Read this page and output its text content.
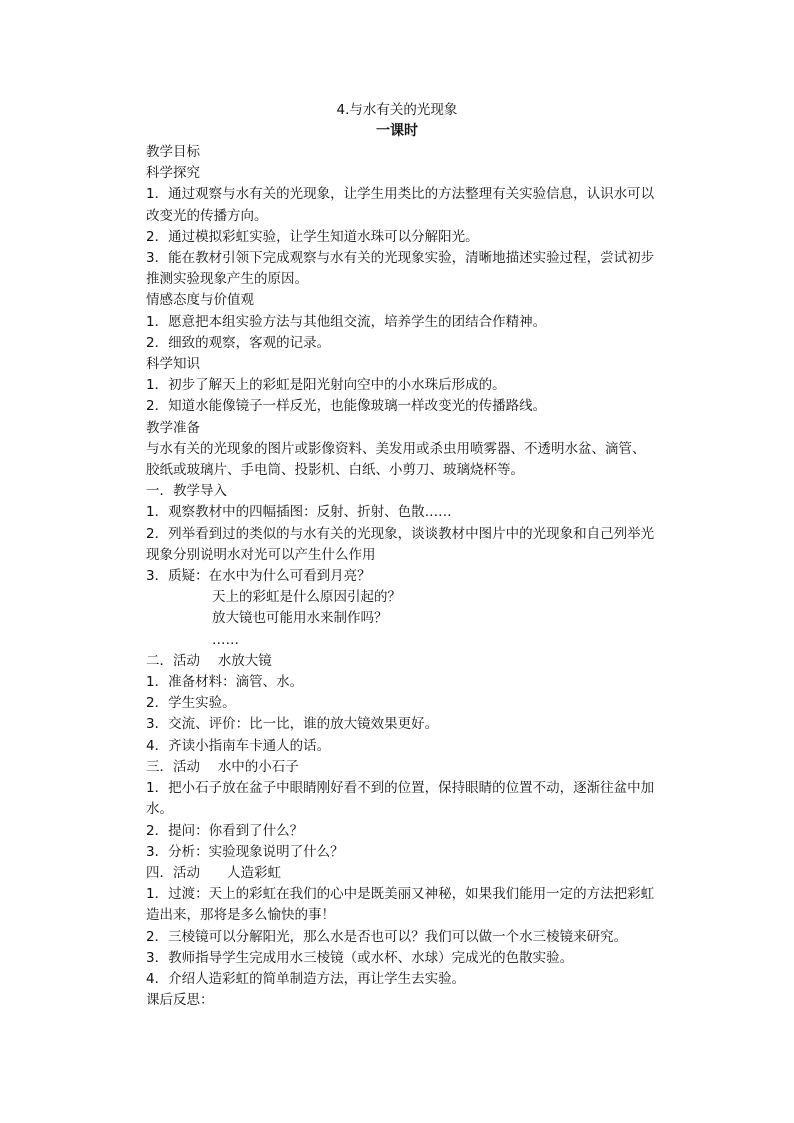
4.与水有关的光现象
一课时

教学目标

科学探究

1．通过观察与水有关的光现象，让学生用类比的方法整理有关实验信息，认识水可以

改变光的传播方向。

2．通过模拟彩虹实验，让学生知道水珠可以分解阳光。

3．能在教材引领下完成观察与水有关的光现象实验，清晰地描述实验过程，尝试初步

推测实验现象产生的原因。

情感态度与价值观

1．愿意把本组实验方法与其他组交流，培养学生的团结合作精神。

2．细致的观察，客观的记录。

科学知识

1．初步了解天上的彩虹是阳光射向空中的小水珠后形成的。

2．知道水能像镜子一样反光，也能像玻璃一样改变光的传播路线。

教学准备

与水有关的光现象的图片或影像资料、美发用或杀虫用喷雾器、不透明水盆、滴管、

胶纸或玻璃片、手电筒、投影机、白纸、小剪刀、玻璃烧杯等。

一．教学导入

1．观察教材中的四幅插图：反射、折射、色散……

2．列举看到过的类似的与水有关的光现象，谈谈教材中图片中的光现象和自己列举光

现象分别说明水对光可以产生什么作用

3．质疑：在水中为什么可看到月亮？

天上的彩虹是什么原因引起的？

放大镜也可能用水来制作吗？

……

二．活动　 水放大镜

1．准备材料：滴管、水。

2．学生实验。

3．交流、评价：比一比，谁的放大镜效果更好。

4．齐读小指南车卡通人的话。

三．活动　 水中的小石子

1．把小石子放在盆子中眼睛刚好看不到的位置，保持眼睛的位置不动，逐渐往盆中加

水。

2．提问：你看到了什么？

3．分析：实验现象说明了什么？

四．活动　　人造彩虹

1．过渡：天上的彩虹在我们的心中是既美丽又神秘，如果我们能用一定的方法把彩虹

造出来，那将是多么愉快的事！

2．三棱镜可以分解阳光，那么水是否也可以？我们可以做一个水三棱镜来研究。

3．教师指导学生完成用水三棱镜（或水杯、水球）完成光的色散实验。

4．介绍人造彩虹的简单制造方法，再让学生去实验。

课后反思：
